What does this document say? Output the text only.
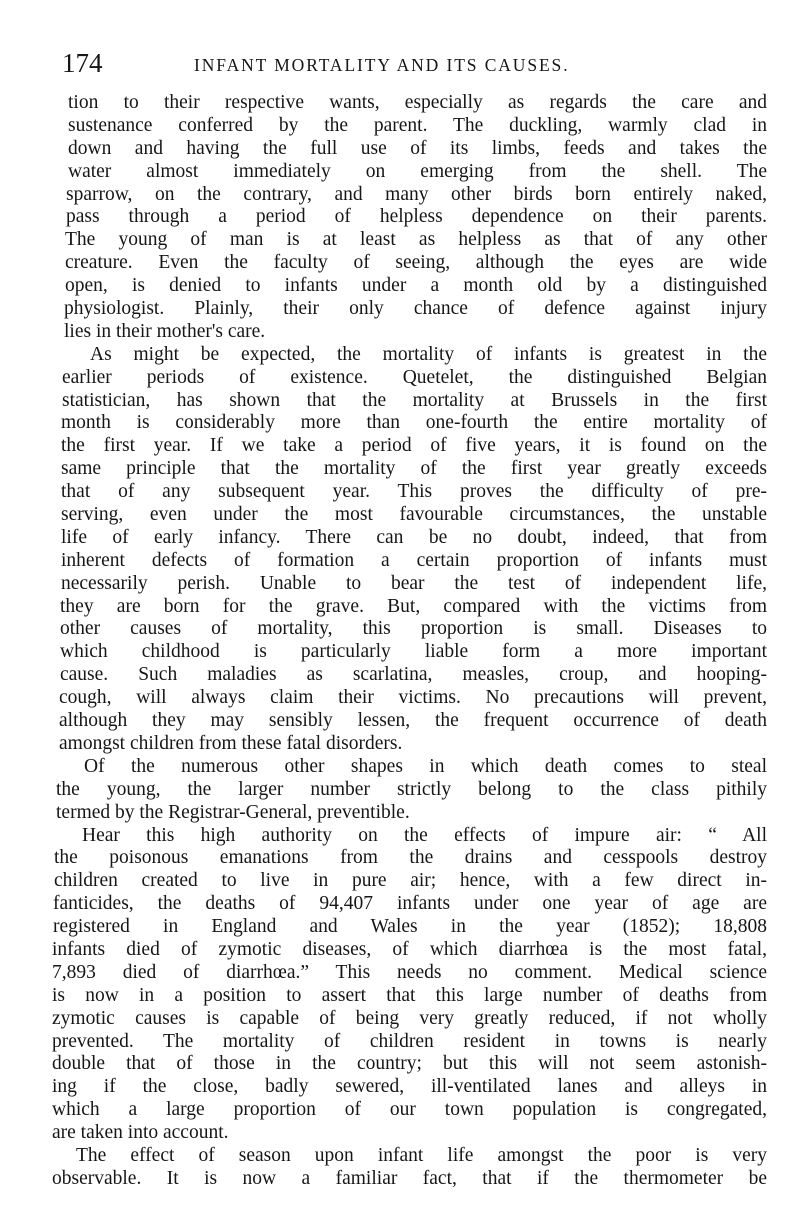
174	INFANT MORTALITY AND ITS CAUSES.
tion to their respective wants, especially as regards the care and
sustenance conferred by the parent. The duckling, warmly clad in
down and having the full use of its limbs, feeds and takes the
water almost immediately on emerging from the shell. The
sparrow, on the contrary, and many other birds born entirely naked,
pass through a period of helpless dependence on their parents.
The young of man is at least as helpless as that of any other
creature. Even the faculty of seeing, although the eyes are wide
open, is denied to infants under a month old by a distinguished
physiologist. Plainly, their only chance of defence against injury
lies in their mother's care.
As might be expected, the mortality of infants is greatest in the
earlier periods of existence. Quetelet, the distinguished Belgian
statistician, has shown that the mortality at Brussels in the first
month is considerably more than one-fourth the entire mortality of
the first year. If we take a period of five years, it is found on the
same principle that the mortality of the first year greatly exceeds
that of any subsequent year. This proves the difficulty of pre-
serving, even under the most favourable circumstances, the unstable
life of early infancy. There can be no doubt, indeed, that from
inherent defects of formation a certain proportion of infants must
necessarily perish. Unable to bear the test of independent life,
they are born for the grave. But, compared with the victims from
other causes of mortality, this proportion is small. Diseases to
which childhood is particularly liable form a more important
cause. Such maladies as scarlatina, measles, croup, and hooping-
cough, will always claim their victims. No precautions will prevent,
although they may sensibly lessen, the frequent occurrence of death
amongst children from these fatal disorders.
Of the numerous other shapes in which death comes to steal
the young, the larger number strictly belong to the class pithily
termed by the Registrar-General, preventible.
Hear this high authority on the effects of impure air: “ All
the poisonous emanations from the drains and cesspools destroy
children created to live in pure air; hence, with a few direct in-
fanticides, the deaths of 94,407 infants under one year of age are
registered in England and Wales in the year (1852); 18,808
infants died of zymotic diseases, of which diarrhœa is the most fatal,
7,893 died of diarrhœa.” This needs no comment. Medical science
is now in a position to assert that this large number of deaths from
zymotic causes is capable of being very greatly reduced, if not wholly
prevented. The mortality of children resident in towns is nearly
double that of those in the country; but this will not seem astonish-
ing if the close, badly sewered, ill-ventilated lanes and alleys in
which a large proportion of our town population is congregated,
are taken into account.
The effect of season upon infant life amongst the poor is very
observable. It is now a familiar fact, that if the thermometer be
